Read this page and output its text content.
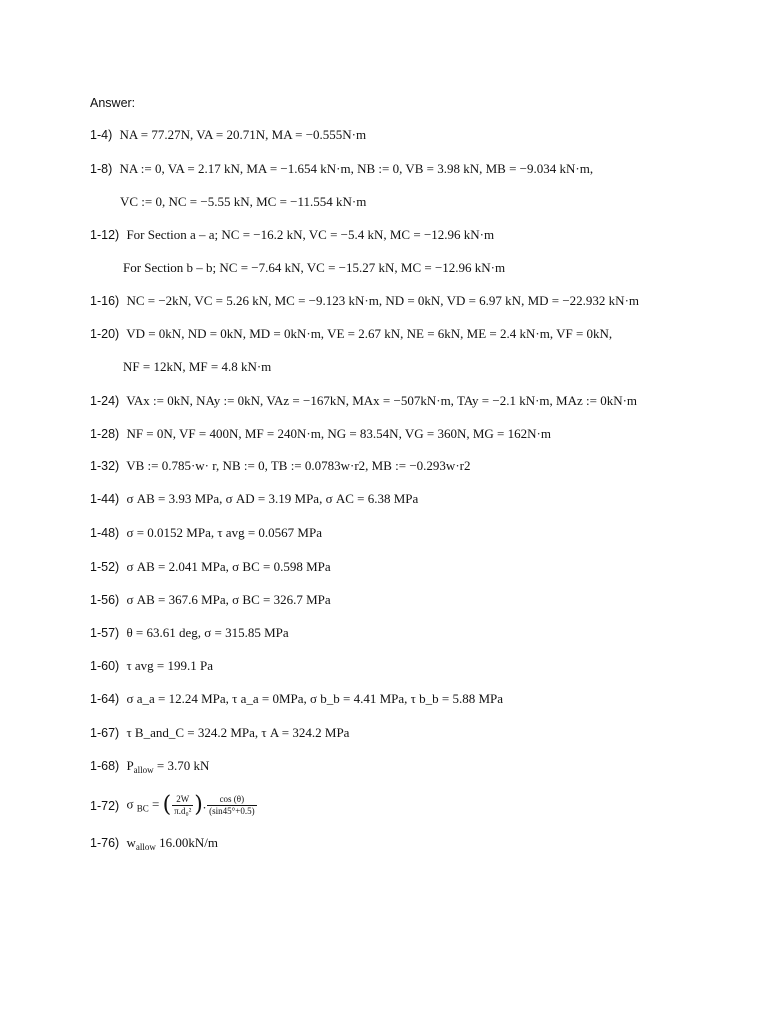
Answer:
1-4) NA = 77.27N, VA = 20.71N, MA = −0.555N·m
1-8) NA := 0, VA = 2.17 kN, MA = −1.654 kN·m, NB := 0, VB = 3.98 kN, MB = −9.034 kN·m,
VC := 0, NC = −5.55 kN, MC = −11.554 kN·m
1-12) For Section a – a; NC = −16.2 kN, VC = −5.4 kN, MC = −12.96 kN·m
For Section b – b; NC = −7.64 kN, VC = −15.27 kN, MC = −12.96 kN·m
1-16) NC = −2kN, VC = 5.26 kN, MC = −9.123 kN·m, ND = 0kN, VD = 6.97 kN, MD = −22.932 kN·m
1-20) VD = 0kN, ND = 0kN, MD = 0kN·m, VE = 2.67 kN, NE = 6kN, ME = 2.4 kN·m, VF = 0kN,
NF = 12kN, MF = 4.8 kN·m
1-24) VAx := 0kN, NAy := 0kN, VAz = −167kN, MAx = −507kN·m, TAy = −2.1 kN·m, MAz := 0kN·m
1-28) NF = 0N, VF = 400N, MF = 240N·m, NG = 83.54N, VG = 360N, MG = 162N·m
1-32) VB := 0.785·w· r, NB := 0, TB := 0.0783w·r2, MB := −0.293w·r2
1-44) σ AB = 3.93 MPa, σ AD = 3.19 MPa, σ AC = 6.38 MPa
1-48) σ = 0.0152 MPa, τ avg = 0.0567 MPa
1-52) σ AB = 2.041 MPa, σ BC = 0.598 MPa
1-56) σ AB = 367.6 MPa, σ BC = 326.7 MPa
1-57) θ = 63.61 deg, σ = 315.85 MPa
1-60) τ avg = 199.1 Pa
1-64) σ a_a = 12.24 MPa, τ a_a = 0MPa, σ b_b = 4.41 MPa, τ b_b = 5.88 MPa
1-67) τ B_and_C = 324.2 MPa, τ A = 324.2 MPa
1-68) $P_{allow} = 3.70$ kN
1-72) σ $_{BC}$ = ( $\frac{2W}{\text{π.d₀²}}$ ). $\frac{\cos (\theta)}{(\sin 45^\circ+0.5)}$
1-76) $w_{allow}$ 16.00kN/m
